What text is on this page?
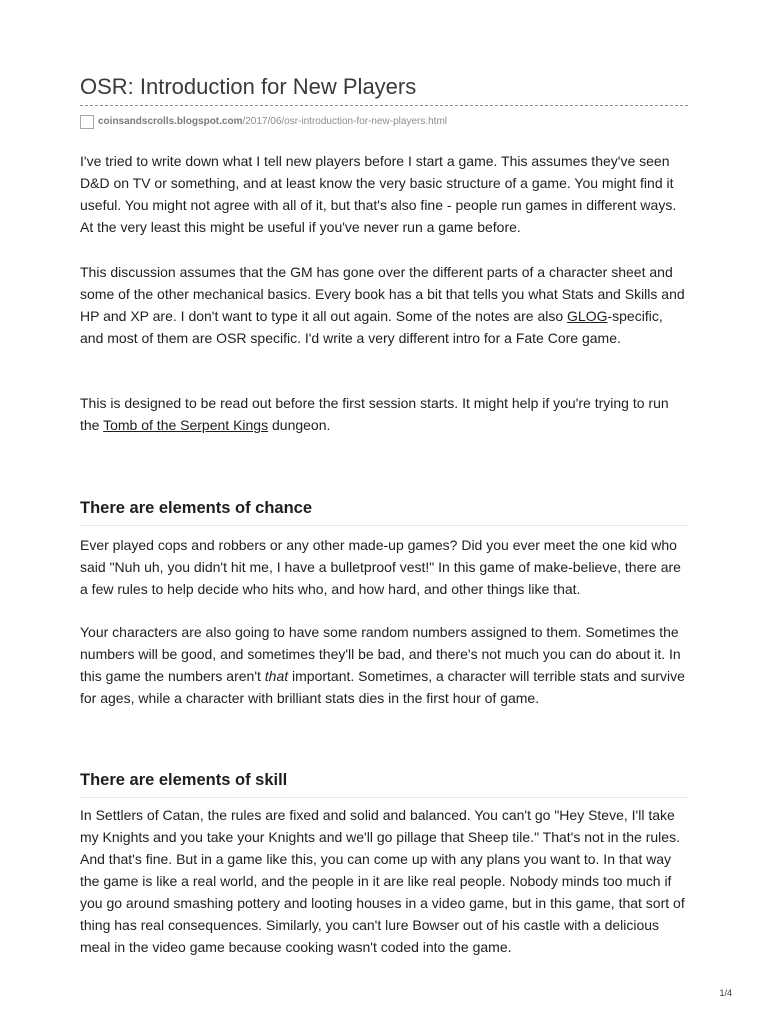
OSR: Introduction for New Players
coinsandscrolls.blogspot.com/2017/06/osr-introduction-for-new-players.html

I've tried to write down what I tell new players before I start a game. This assumes they've seen D&D on TV or something, and at least know the very basic structure of a game. You might find it useful. You might not agree with all of it, but that's also fine - people run games in different ways. At the very least this might be useful if you've never run a game before.

This discussion assumes that the GM has gone over the different parts of a character sheet and some of the other mechanical basics. Every book has a bit that tells you what Stats and Skills and HP and XP are. I don't want to type it all out again. Some of the notes are also GLOG-specific, and most of them are OSR specific. I'd write a very different intro for a Fate Core game.

This is designed to be read out before the first session starts. It might help if you're trying to run the Tomb of the Serpent Kings dungeon.

There are elements of chance

Ever played cops and robbers or any other made-up games? Did you ever meet the one kid who said "Nuh uh, you didn't hit me, I have a bulletproof vest!" In this game of make-believe, there are a few rules to help decide who hits who, and how hard, and other things like that.

Your characters are also going to have some random numbers assigned to them. Sometimes the numbers will be good, and sometimes they'll be bad, and there's not much you can do about it. In this game the numbers aren't that important. Sometimes, a character will terrible stats and survive for ages, while a character with brilliant stats dies in the first hour of game.

There are elements of skill

In Settlers of Catan, the rules are fixed and solid and balanced. You can't go "Hey Steve, I'll take my Knights and you take your Knights and we'll go pillage that Sheep tile." That's not in the rules. And that's fine. But in a game like this, you can come up with any plans you want to. In that way the game is like a real world, and the people in it are like real people. Nobody minds too much if you go around smashing pottery and looting houses in a video game, but in this game, that sort of thing has real consequences. Similarly, you can't lure Bowser out of his castle with a delicious meal in the video game because cooking wasn't coded into the game.

1/4
